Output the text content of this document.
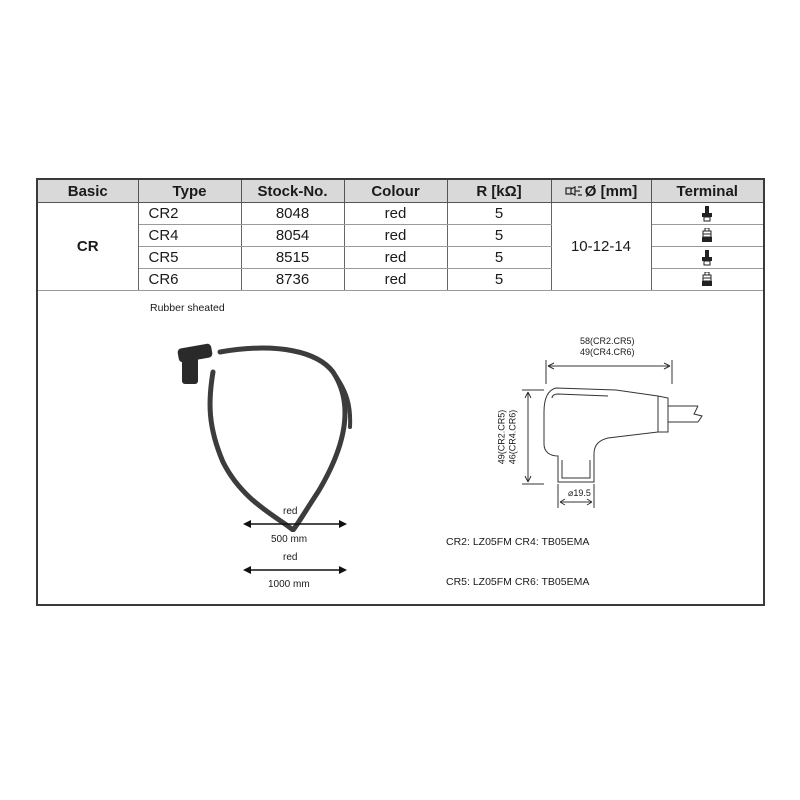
Basic	Type	Stock-No.	Colour	R [kΩ]	Ø [mm]	Terminal
CR	CR2	8048	red	5	10-12-14	

	CR4	8054	red	5	

	CR5	8515	red	5	

	CR6	8736	red	5	
Rubber sheated
red
500 mm
red
1000 mm
58(CR2.CR5)
49(CR4.CR6)
49(CR2.CR5) 46(CR4.CR6)
⌀19.5
CR2: LZ05FM CR4: TB05EMA
CR5: LZ05FM CR6: TB05EMA
